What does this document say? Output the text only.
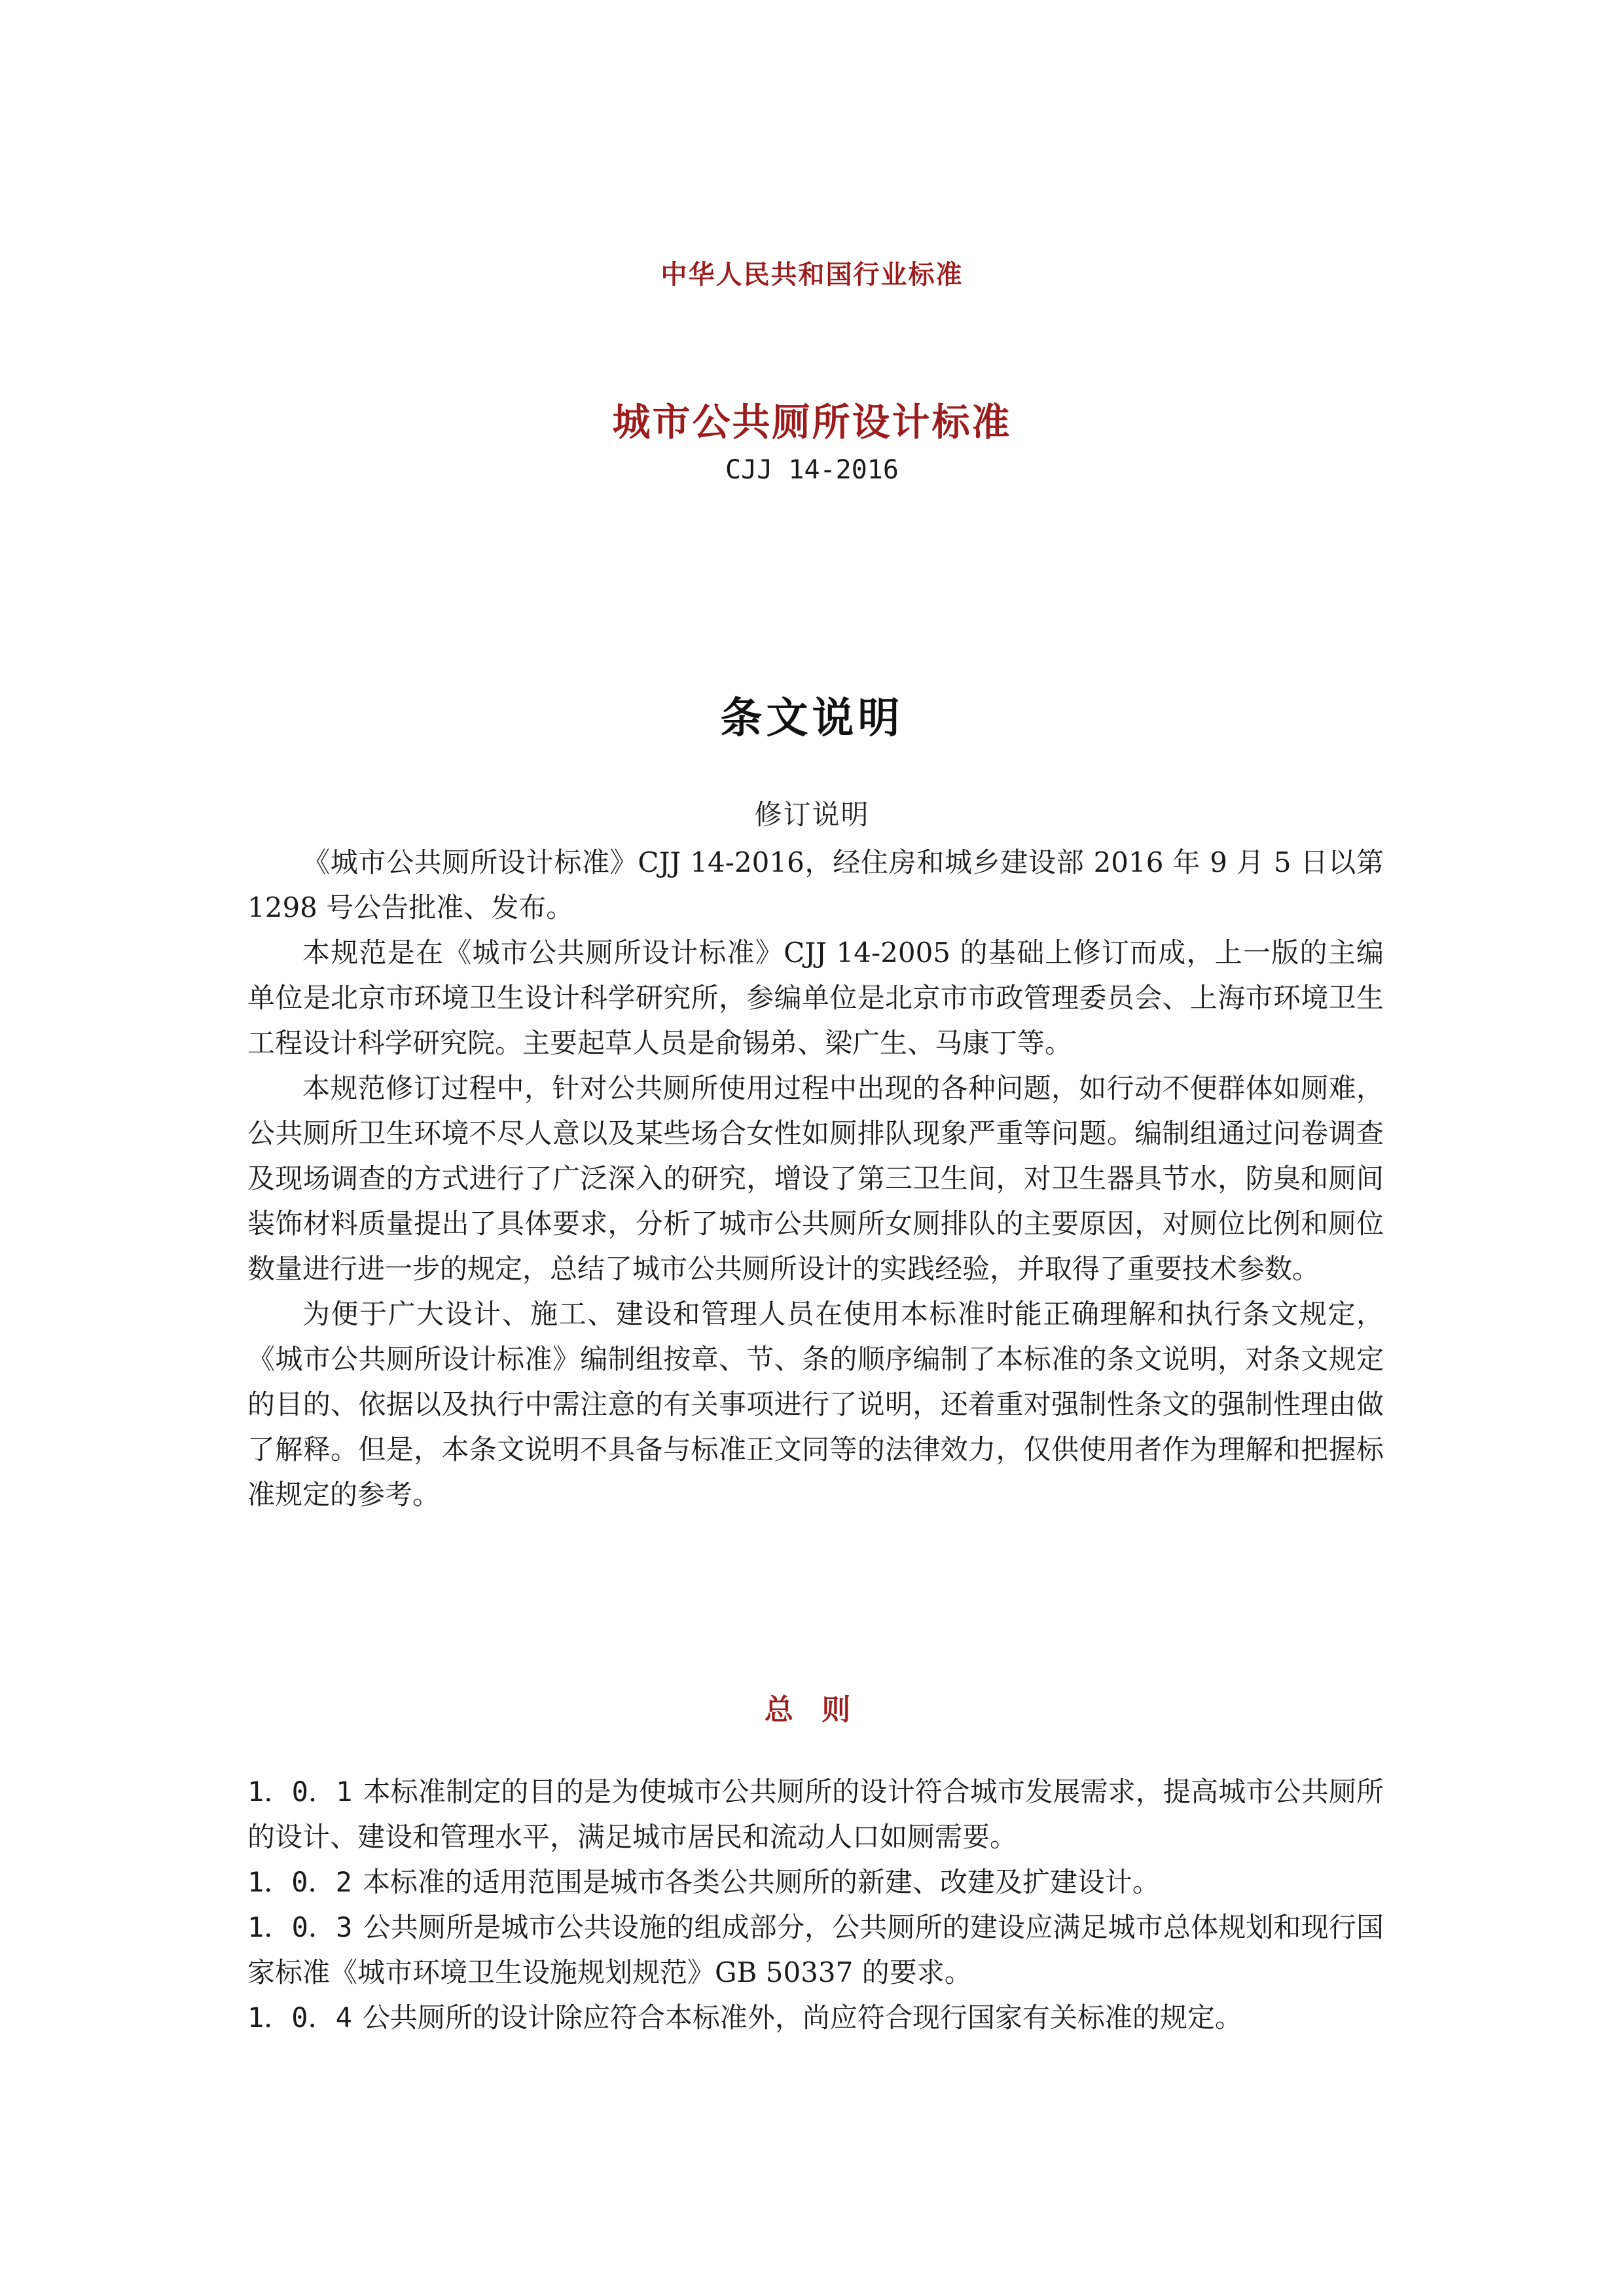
中华人民共和国行业标准
城市公共厕所设计标准
CJJ 14-2016
条文说明
修订说明

《城市公共厕所设计标准》CJJ 14-2016，经住房和城乡建设部 2016 年 9 月 5 日以第 1298 号公告批准、发布。

本规范是在《城市公共厕所设计标准》CJJ 14-2005 的基础上修订而成，上一版的主编单位是北京市环境卫生设计科学研究所，参编单位是北京市市政管理委员会、上海市环境卫生工程设计科学研究院。主要起草人员是俞锡弟、梁广生、马康丁等。

本规范修订过程中，针对公共厕所使用过程中出现的各种问题，如行动不便群体如厕难，公共厕所卫生环境不尽人意以及某些场合女性如厕排队现象严重等问题。编制组通过问卷调查及现场调查的方式进行了广泛深入的研究，增设了第三卫生间，对卫生器具节水，防臭和厕间装饰材料质量提出了具体要求，分析了城市公共厕所女厕排队的主要原因，对厕位比例和厕位数量进行进一步的规定，总结了城市公共厕所设计的实践经验，并取得了重要技术参数。

为便于广大设计、施工、建设和管理人员在使用本标准时能正确理解和执行条文规定，《城市公共厕所设计标准》编制组按章、节、条的顺序编制了本标准的条文说明，对条文规定的目的、依据以及执行中需注意的有关事项进行了说明，还着重对强制性条文的强制性理由做了解释。但是，本条文说明不具备与标准正文同等的法律效力，仅供使用者作为理解和把握标准规定的参考。

总 则

1．0．1 本标准制定的目的是为使城市公共厕所的设计符合城市发展需求，提高城市公共厕所的设计、建设和管理水平，满足城市居民和流动人口如厕需要。

1．0．2 本标准的适用范围是城市各类公共厕所的新建、改建及扩建设计。

1．0．3 公共厕所是城市公共设施的组成部分，公共厕所的建设应满足城市总体规划和现行国家标准《城市环境卫生设施规划规范》GB 50337 的要求。

1．0．4 公共厕所的设计除应符合本标准外，尚应符合现行国家有关标准的规定。
